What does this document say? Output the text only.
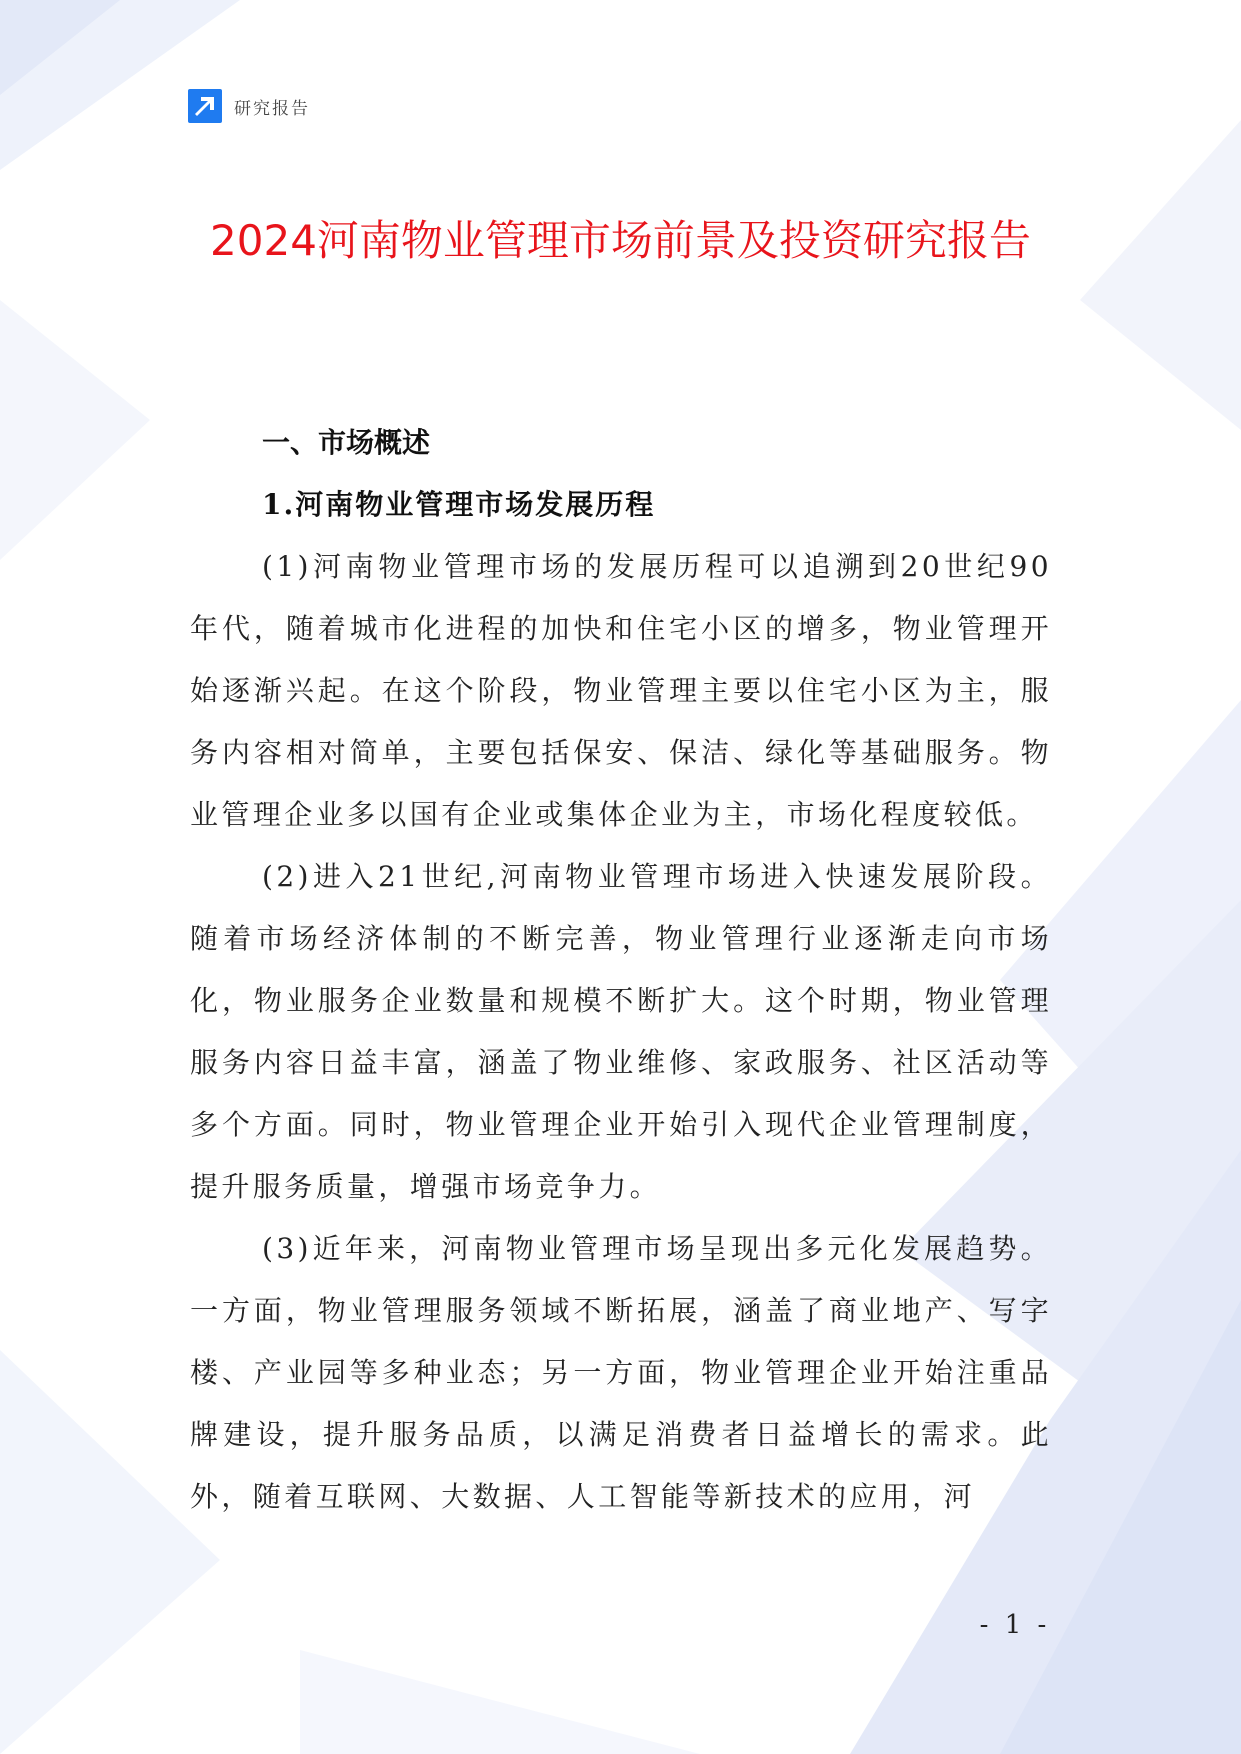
研究报告
2024河南物业管理市场前景及投资研究报告
一、市场概述
1.河南物业管理市场发展历程

(1)河南物业管理市场的发展历程可以追溯到20世纪90年代，随着城市化进程的加快和住宅小区的增多，物业管理开始逐渐兴起。在这个阶段，物业管理主要以住宅小区为主，服务内容相对简单，主要包括保安、保洁、绿化等基础服务。物业管理企业多以国有企业或集体企业为主，市场化程度较低。

(2)进入21世纪,河南物业管理市场进入快速发展阶段。随着市场经济体制的不断完善，物业管理行业逐渐走向市场化，物业服务企业数量和规模不断扩大。这个时期，物业管理服务内容日益丰富，涵盖了物业维修、家政服务、社区活动等多个方面。同时，物业管理企业开始引入现代企业管理制度，提升服务质量，增强市场竞争力。

(3)近年来，河南物业管理市场呈现出多元化发展趋势。一方面，物业管理服务领域不断拓展，涵盖了商业地产、写字楼、产业园等多种业态；另一方面，物业管理企业开始注重品牌建设，提升服务品质，以满足消费者日益增长的需求。此外，随着互联网、大数据、人工智能等新技术的应用，河

- 1 -
